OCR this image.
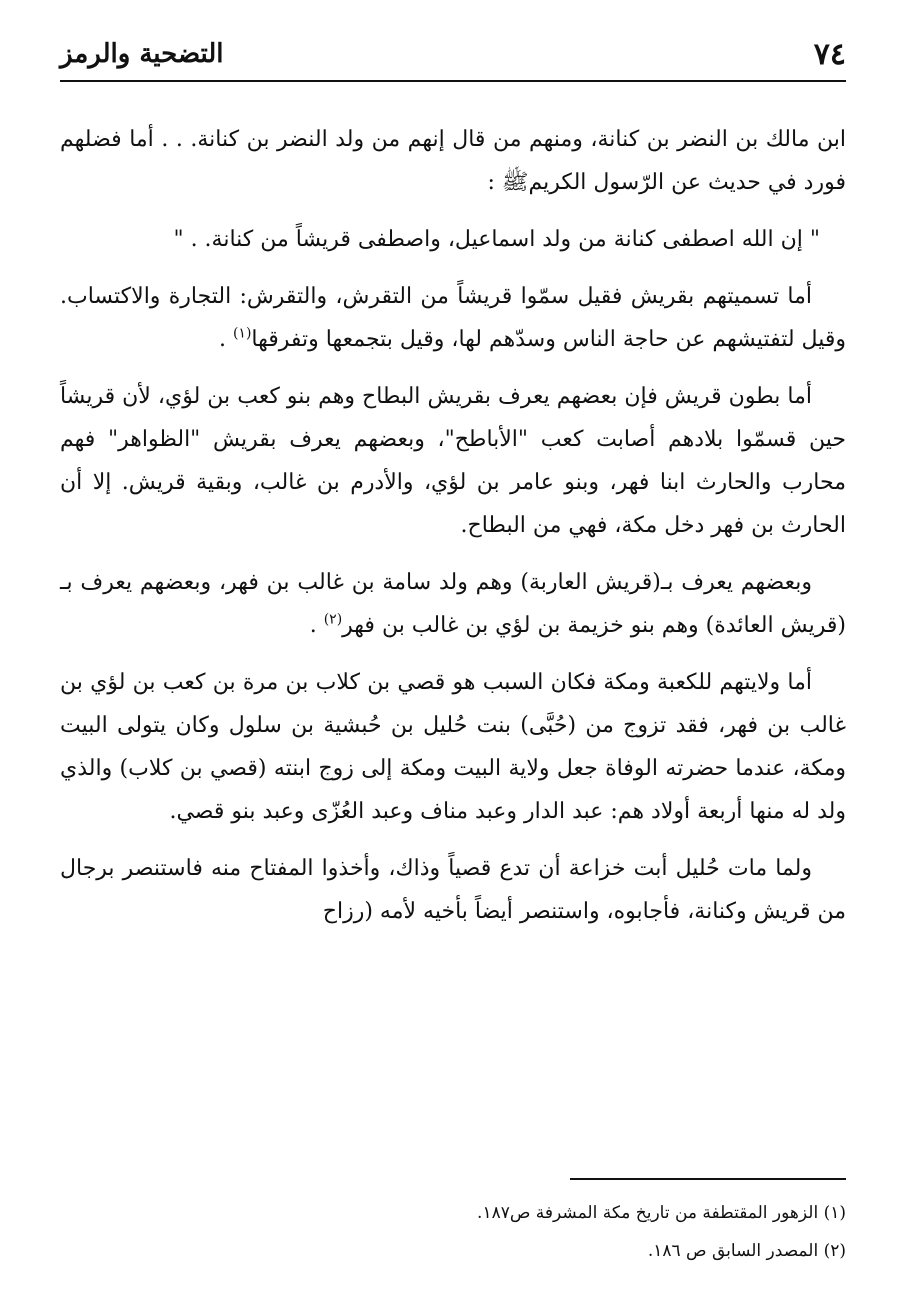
٧٤
التضحية والرمز

ابن مالك بن النضر بن كنانة، ومنهم من قال إنهم من ولد النضر بن كنانة. . . أما فضلهم فورد في حديث عن الرّسول الكريمﷺ :

" إن الله اصطفى كنانة من ولد اسماعيل، واصطفى قريشاً من كنانة. . "

أما تسميتهم بقريش فقيل سمّوا قريشاً من التقرش، والتقرش: التجارة والاكتساب. وقيل لتفتيشهم عن حاجة الناس وسدّهم لها، وقيل بتجمعها وتفرقها$^{(١)}$ .

أما بطون قريش فإن بعضهم يعرف بقريش البطاح وهم بنو كعب بن لؤي، لأن قريشاً حين قسمّوا بلادهم أصابت كعب "الأباطح"، وبعضهم يعرف بقريش "الظواهر" فهم محارب والحارث ابنا فهر، وبنو عامر بن لؤي، والأدرم بن غالب، وبقية قريش. إلا أن الحارث بن فهر دخل مكة، فهي من البطاح.

وبعضهم يعرف بـ(قريش العاربة) وهم ولد سامة بن غالب بن فهر، وبعضهم يعرف بـ (قريش العائدة) وهم بنو خزيمة بن لؤي بن غالب بن فهر$^{(٢)}$ .

أما ولايتهم للكعبة ومكة فكان السبب هو قصي بن كلاب بن مرة بن كعب بن لؤي بن غالب بن فهر، فقد تزوج من (حُبَّى) بنت حُليل بن حُبشية بن سلول وكان يتولى البيت ومكة، عندما حضرته الوفاة جعل ولاية البيت ومكة إلى زوج ابنته (قصي بن كلاب) والذي ولد له منها أربعة أولاد هم: عبد الدار وعبد مناف وعبد العُزّى وعبد بنو قصي.

ولما مات حُليل أبت خزاعة أن تدع قصياً وذاك، وأخذوا المفتاح منه فاستنصر برجال من قريش وكنانة، فأجابوه، واستنصر أيضاً بأخيه لأمه (رزاح

(١) الزهور المقتطفة من تاريخ مكة المشرفة ص١٨٧.

(٢) المصدر السابق ص ١٨٦.
